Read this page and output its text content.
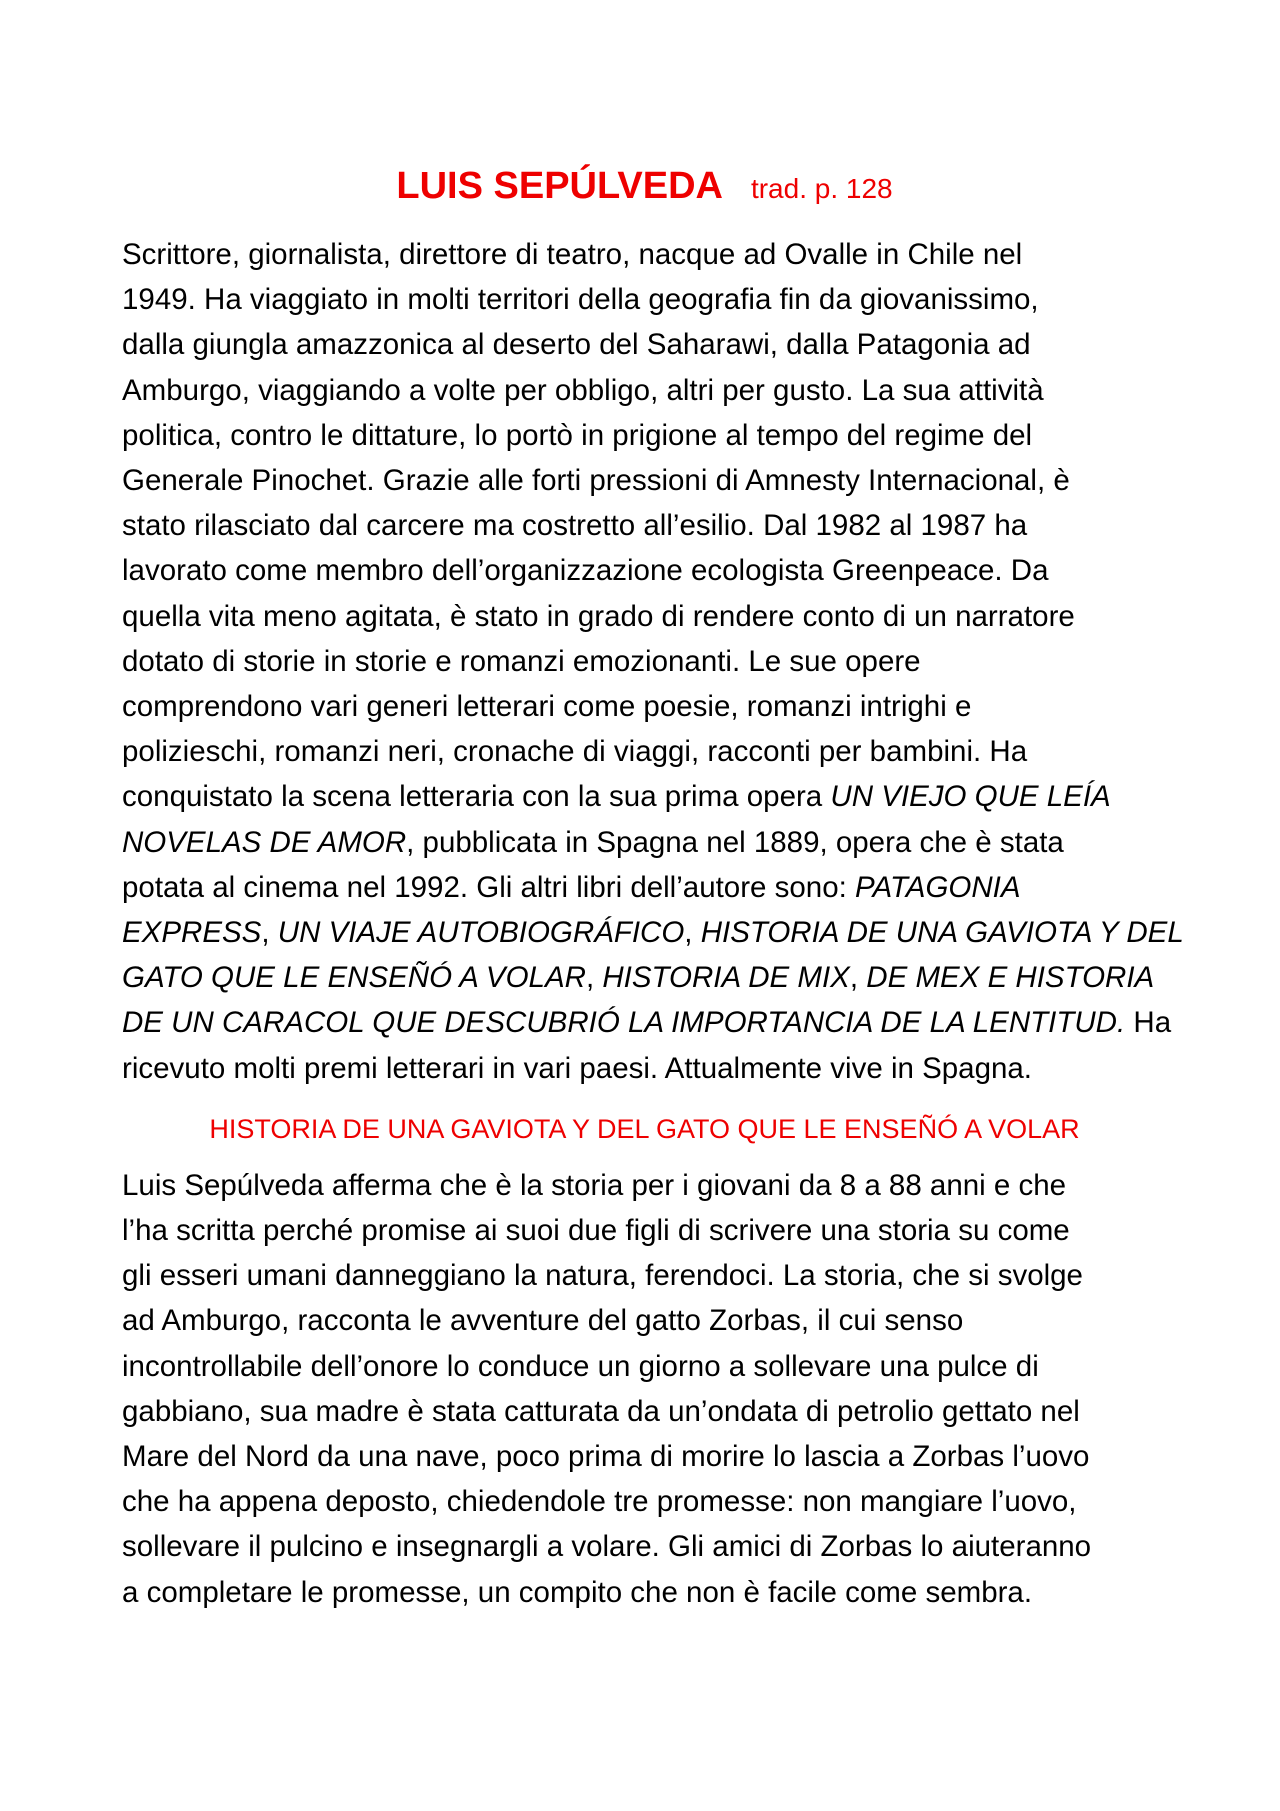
LUIS SEPÚLVEDA trad. p. 128

Scrittore, giornalista, direttore di teatro, nacque ad Ovalle in Chile nel
1949. Ha viaggiato in molti territori della geografia fin da giovanissimo,
dalla giungla amazzonica al deserto del Saharawi, dalla Patagonia ad
Amburgo, viaggiando a volte per obbligo, altri per gusto. La sua attività
politica, contro le dittature, lo portò in prigione al tempo del regime del
Generale Pinochet. Grazie alle forti pressioni di Amnesty Internacional, è
stato rilasciato dal carcere ma costretto all’esilio. Dal 1982 al 1987 ha
lavorato come membro dell’organizzazione ecologista Greenpeace. Da
quella vita meno agitata, è stato in grado di rendere conto di un narratore
dotato di storie in storie e romanzi emozionanti. Le sue opere
comprendono vari generi letterari come poesie, romanzi intrighi e
polizieschi, romanzi neri, cronache di viaggi, racconti per bambini. Ha
conquistato la scena letteraria con la sua prima opera UN VIEJO QUE LEÍA
NOVELAS DE AMOR, pubblicata in Spagna nel 1889, opera che è stata
potata al cinema nel 1992. Gli altri libri dell’autore sono: PATAGONIA
EXPRESS, UN VIAJE AUTOBIOGRÁFICO, HISTORIA DE UNA GAVIOTA Y DEL
GATO QUE LE ENSEÑÓ A VOLAR, HISTORIA DE MIX, DE MEX E HISTORIA
DE UN CARACOL QUE DESCUBRIÓ LA IMPORTANCIA DE LA LENTITUD. Ha
ricevuto molti premi letterari in vari paesi. Attualmente vive in Spagna.

HISTORIA DE UNA GAVIOTA Y DEL GATO QUE LE ENSEÑÓ A VOLAR

Luis Sepúlveda afferma che è la storia per i giovani da 8 a 88 anni e che
l’ha scritta perché promise ai suoi due figli di scrivere una storia su come
gli esseri umani danneggiano la natura, ferendoci. La storia, che si svolge
ad Amburgo, racconta le avventure del gatto Zorbas, il cui senso
incontrollabile dell’onore lo conduce un giorno a sollevare una pulce di
gabbiano, sua madre è stata catturata da un’ondata di petrolio gettato nel
Mare del Nord da una nave, poco prima di morire lo lascia a Zorbas l’uovo
che ha appena deposto, chiedendole tre promesse: non mangiare l’uovo,
sollevare il pulcino e insegnargli a volare. Gli amici di Zorbas lo aiuteranno
a completare le promesse, un compito che non è facile come sembra.
